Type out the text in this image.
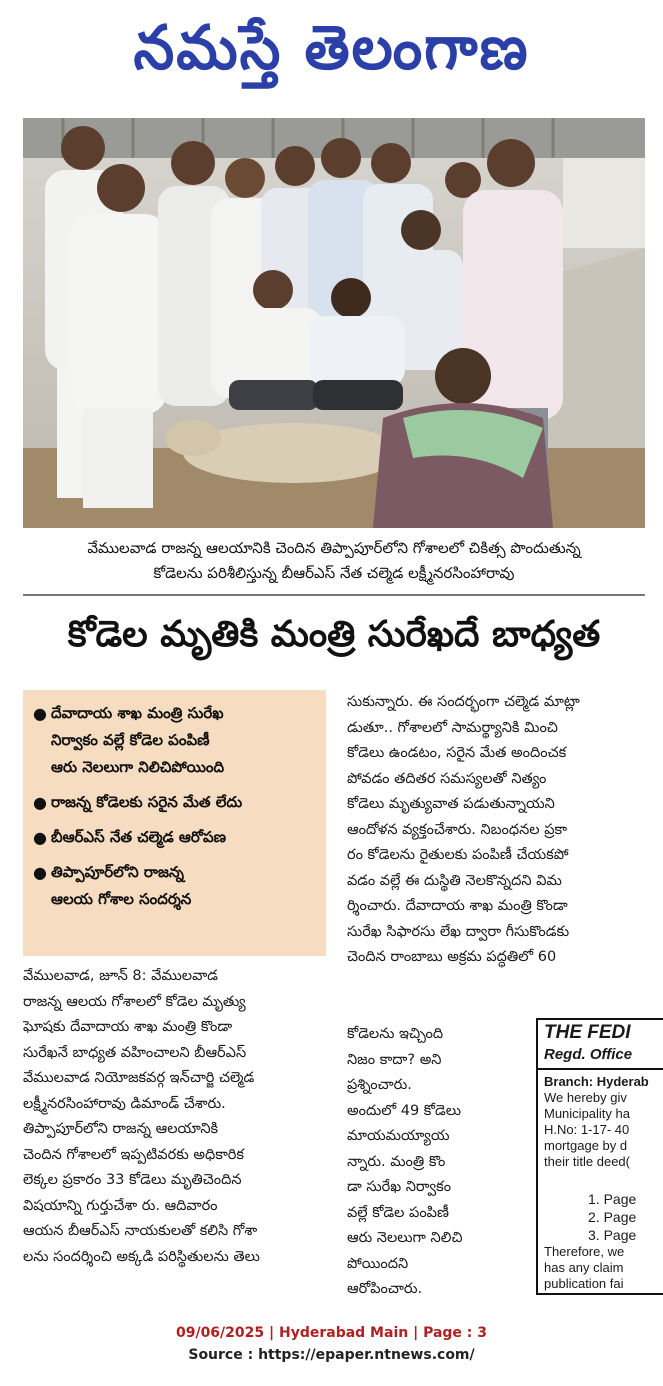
నమస్తే తెలంగాణ
వేములవాడ రాజన్న ఆలయానికి చెందిన తిప్పాపూర్‌లోని గోశాలలో చికిత్స పొందుతున్న
కోడెలను పరిశీలిస్తున్న బీఆర్‌ఎస్ నేత చల్మెడ లక్ష్మీనరసింహారావు
కోడెల మృతికి మంత్రి సురేఖదే బాధ్యత
● దేవాదాయ శాఖ మంత్రి సురేఖ
నిర్వాకం వల్లే కోడెల పంపిణీ
ఆరు నెలలుగా నిలిచిపోయింది
● రాజన్న కోడెలకు సరైన మేత లేదు
● బీఆర్‌ఎస్ నేత చల్మెడ ఆరోపణ
● తిప్పాపూర్‌లోని రాజన్న
ఆలయ గోశాల సందర్శన
వేములవాడ, జూన్ 8: వేములవాడ
రాజన్న ఆలయ గోశాలలో కోడెల మృత్యు
ఘోషకు దేవాదాయ శాఖ మంత్రి కొండా
సురేఖనే బాధ్యత వహించాలని బీఆర్‌ఎస్
వేములవాడ నియోజకవర్గ ఇన్‌చార్జి చల్మెడ
లక్ష్మీనరసింహారావు డిమాండ్ చేశారు.
తిప్పాపూర్‌లోని రాజన్న ఆలయానికి
చెందిన గోశాలలో ఇప్పటివరకు అధికారిక
లెక్కల ప్రకారం 33 కోడెలు మృతిచెందిన
విషయాన్ని గుర్తుచేశా రు. ఆదివారం
ఆయన బీఆర్‌ఎస్ నాయకులతో కలిసి గోశా
లను సందర్శించి అక్కడి పరిస్థితులను తెలు
సుకున్నారు. ఈ సందర్భంగా చల్మెడ మాట్లా
డుతూ.. గోశాలలో సామర్థ్యానికి మించి
కోడెలు ఉండటం, సరైన మేత అందించక
పోవడం తదితర సమస్యలతో నిత్యం
కోడెలు మృత్యువాత పడుతున్నాయని
ఆందోళన వ్యక్తంచేశారు. నిబంధనల ప్రకా
రం కోడెలను రైతులకు పంపిణీ చేయకపో
వడం వల్లే ఈ దుస్థితి నెలకొన్నదని విమ
ర్శించారు. దేవాదాయ శాఖ మంత్రి కొండా
సురేఖ సిఫారసు లేఖ ద్వారా గీసుకొండకు
చెందిన రాంబాబు అక్రమ పద్ధతిలో 60
కోడెలను ఇచ్చింది
నిజం కాదా? అని
ప్రశ్నించారు.
అందులో 49 కోడెలు
మాయమయ్యాయ
న్నారు. మంత్రి కొం
డా సురేఖ నిర్వాకం
వల్లే కోడెల పంపిణీ
ఆరు నెలలుగా నిలిచి
పోయిందని
ఆరోపించారు.
THE FEDI
Regd. Office
Branch: Hyderab
We hereby giv
Municipality ha
H.No: 1-17- 40
mortgage by d
their title deed(
1. Page
2. Page
3. Page
Therefore, we
has any claim
publication fai
09/06/2025 | Hyderabad Main | Page : 3
Source : https://epaper.ntnews.com/
